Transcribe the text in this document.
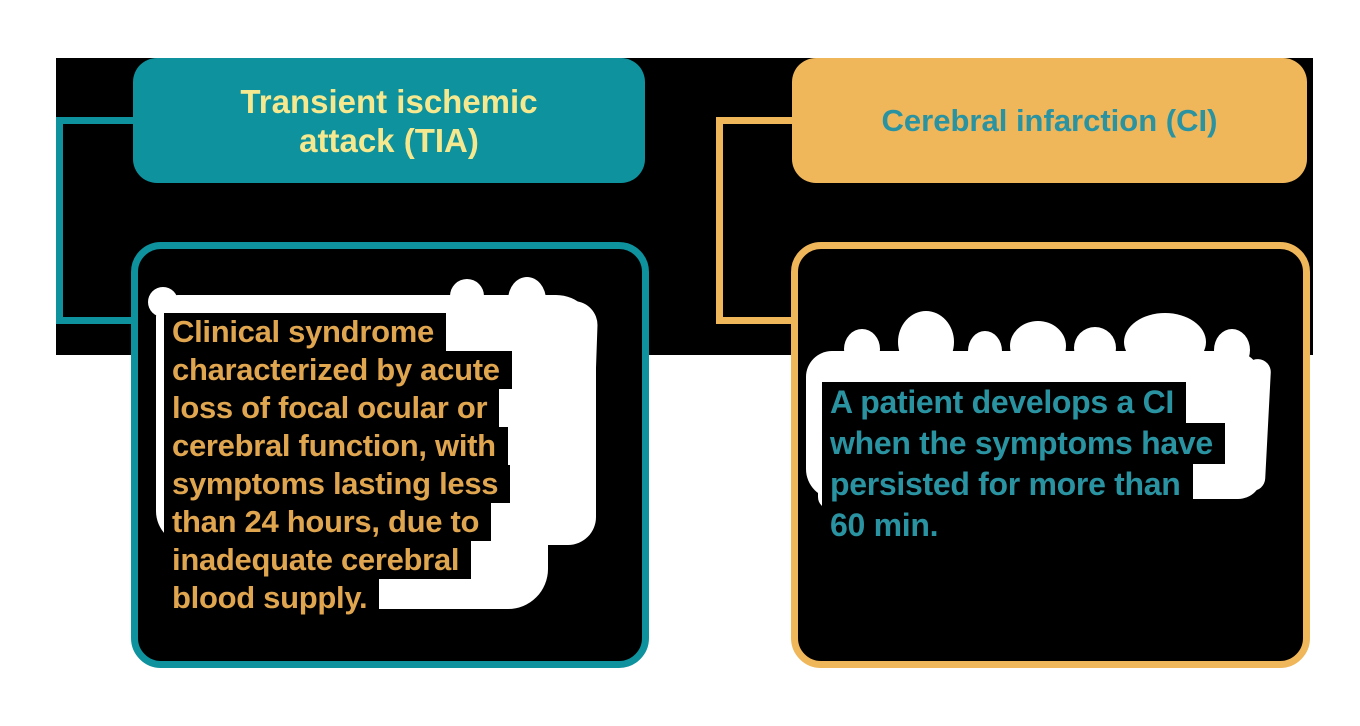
Transient ischemic attack (TIA)
Cerebral infarction (CI)
Clinical syndrome
characterized by acute
loss of focal ocular or
cerebral function, with
symptoms lasting less
than 24 hours, due to
inadequate cerebral
blood supply.
A patient develops a CI
when the symptoms have
persisted for more than
60 min.
